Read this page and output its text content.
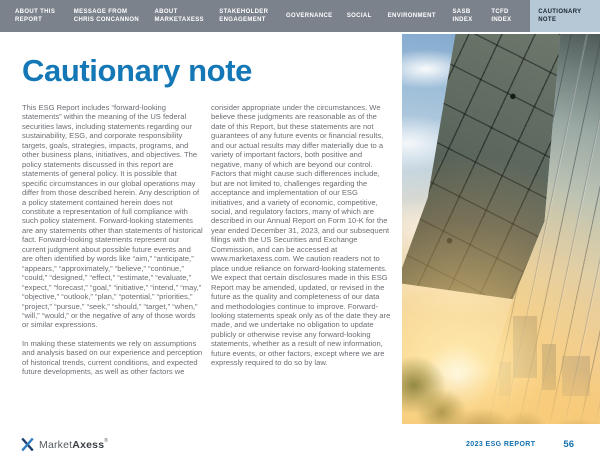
ABOUT THIS REPORT
MESSAGE FROM CHRIS CONCANNON
ABOUT MARKETAXESS
STAKEHOLDER ENGAGEMENT
GOVERNANCE SOCIAL	ENVIRONMENT
SASB INDEX
TCFD INDEX
CAUTIONARY NOTE
Cautionary note

This ESG Report includes “forward-looking statements” within the meaning of the US federal securities laws, including statements regarding our sustainability, ESG, and corporate responsibility targets, goals, strategies, impacts, programs, and other business plans, initiatives, and objectives. The policy statements discussed in this report are statements of general policy. It is possible that specific circumstances in our global operations may differ from those described herein. Any description of a policy statement contained herein does not constitute a representation of full compliance with such policy statement. Forward-looking statements are any statements other than statements of historical fact. Forward-looking statements represent our current judgment about possible future events and are often identified by words like “aim,” “anticipate,” “appears,” “approximately,” “believe,” “continue,” “could,” “designed,” “effect,” “estimate,” “evaluate,” “expect,” “forecast,” “goal,” “initiative,” “intend,” “may,” “objective,” “outlook,” “plan,” “potential,” “priorities,” “project,” “pursue,” “seek,” “should,” “target,” “when,” “will,” “would,” or the negative of any of those words or similar expressions.

In making these statements we rely on assumptions and analysis based on our experience and perception of historical trends, current conditions, and expected future developments, as well as other factors we

consider appropriate under the circumstances. We believe these judgments are reasonable as of the date of this Report, but these statements are not guarantees of any future events or financial results, and our actual results may differ materially due to a variety of important factors, both positive and negative, many of which are beyond our control. Factors that might cause such differences include, but are not limited to, challenges regarding the acceptance and implementation of our ESG initiatives, and a variety of economic, competitive, social, and regulatory factors, many of which are described in our Annual Report on Form 10-K for the year ended December 31, 2023, and our subsequent filings with the US Securities and Exchange Commission, and can be accessed at www.marketaxess.com. We caution readers not to place undue reliance on forward-looking statements. We expect that certain disclosures made in this ESG Report may be amended, updated, or revised in the future as the quality and completeness of our data and methodologies continue to improve. Forward-looking statements speak only as of the date they are made, and we undertake no obligation to update publicly or otherwise revise any forward-looking statements, whether as a result of new information, future events, or other factors, except where we are expressly required to do so by law.

MarketAxess®	2023 ESG REPORT	56
